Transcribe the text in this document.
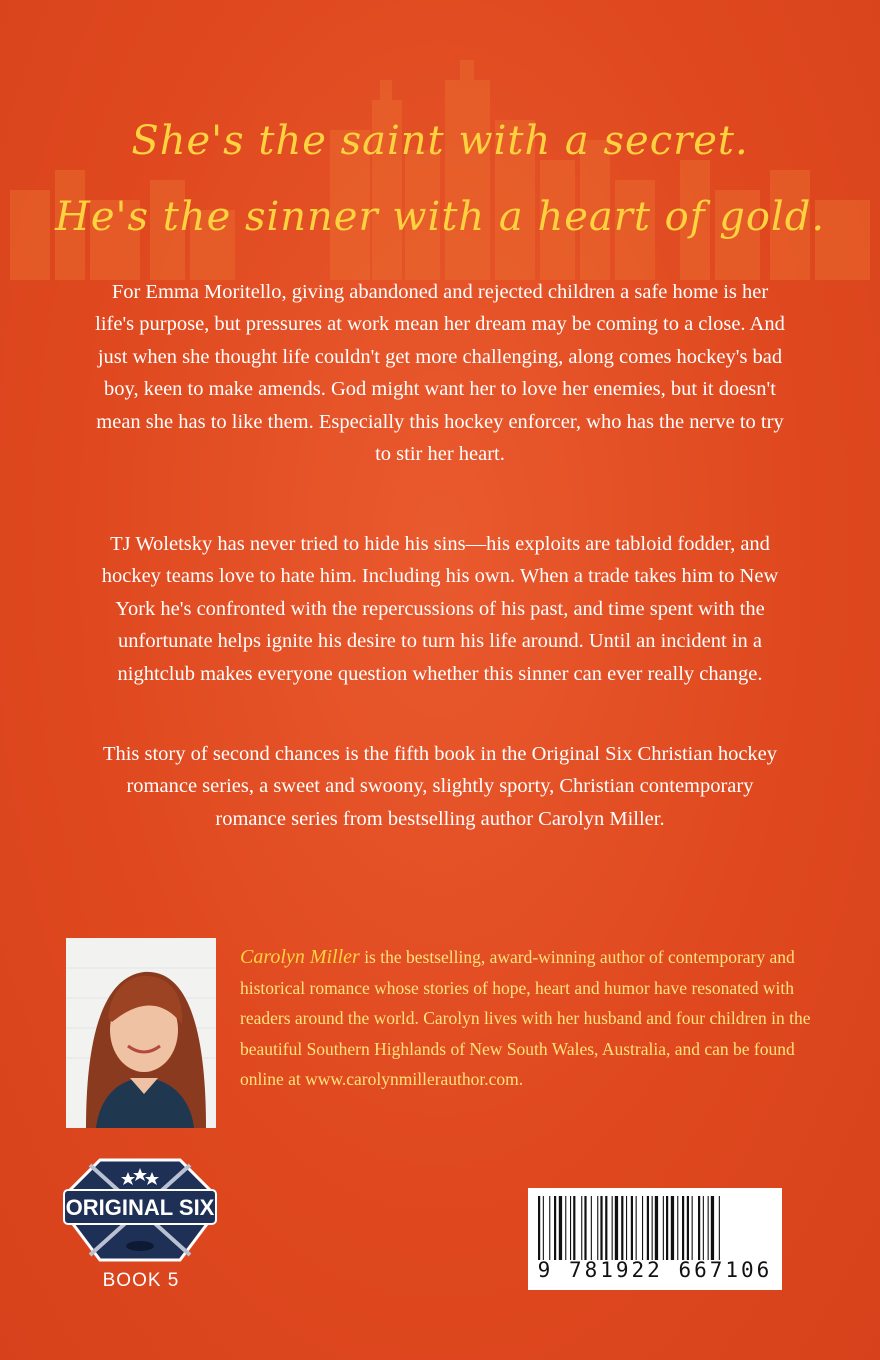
She's the saint with a secret.
He's the sinner with a heart of gold.

For Emma Moritello, giving abandoned and rejected children a safe home is her life's purpose, but pressures at work mean her dream may be coming to a close. And just when she thought life couldn't get more challenging, along comes hockey's bad boy, keen to make amends. God might want her to love her enemies, but it doesn't mean she has to like them. Especially this hockey enforcer, who has the nerve to try to stir her heart.

TJ Woletsky has never tried to hide his sins—his exploits are tabloid fodder, and hockey teams love to hate him. Including his own. When a trade takes him to New York he's confronted with the repercussions of his past, and time spent with the unfortunate helps ignite his desire to turn his life around. Until an incident in a nightclub makes everyone question whether this sinner can ever really change.

This story of second chances is the fifth book in the Original Six Christian hockey romance series, a sweet and swoony, slightly sporty, Christian contemporary romance series from bestselling author Carolyn Miller.

Carolyn Miller is the bestselling, award-winning author of contemporary and historical romance whose stories of hope, heart and humor have resonated with readers around the world. Carolyn lives with her husband and four children in the beautiful Southern Highlands of New South Wales, Australia, and can be found online at www.carolynmillerauthor.com.

ORIGINAL SIX
BOOK 5	9 781922 667106
